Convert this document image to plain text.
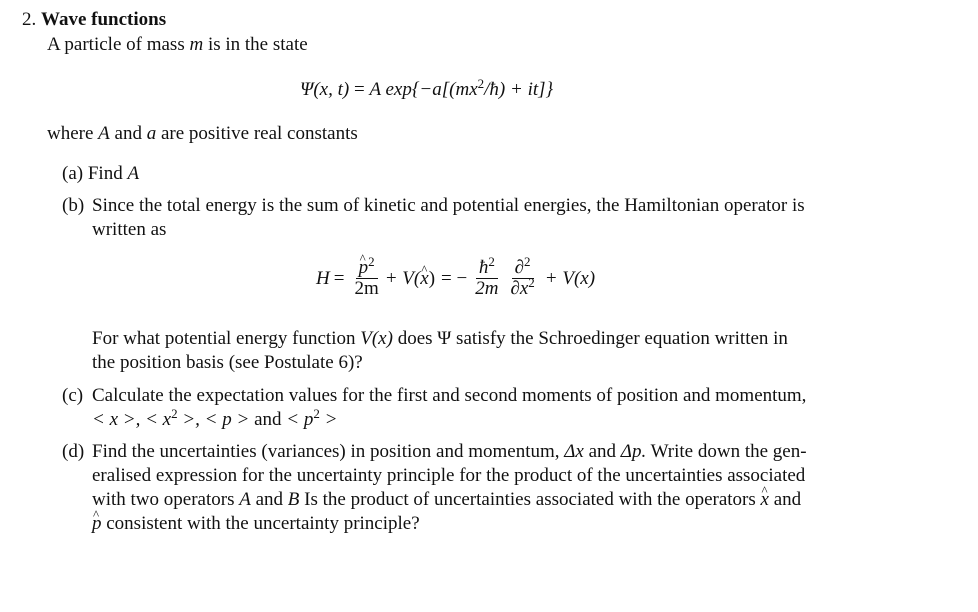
2. Wave functions
A particle of mass m is in the state
Ψ(x, t) = A $\exp\{-a[(mx^2/ħ) + it]\}$
where A and a are positive real constants
(a) Find A
(b) Since the total energy is the sum of kinetic and potential energies, the Hamiltonian operator is
written as
$H = \frac{p \^{}^2}{2m} + V$( x ^ ) = − $\frac{ħ^2}{2m} \frac{\partial^2}{\partial x^2} + V(x)$
For what potential energy function V(x) does Ψ satisfy the Schroedinger equation written in
the position basis (see Postulate 6)?
(c) Calculate the expectation values for the first and second moments of position and momentum,
< x >, < $x^2$ >, < p > and < $p^2$ >
(d) Find the uncertainties (variances) in position and momentum, Δx and Δp. Write down the gen-
eralised expression for the uncertainty principle for the product of the uncertainties associated
with two operators A and B Is the product of uncertainties associated with the operators x ^ and
p ^ consistent with the uncertainty principle?
